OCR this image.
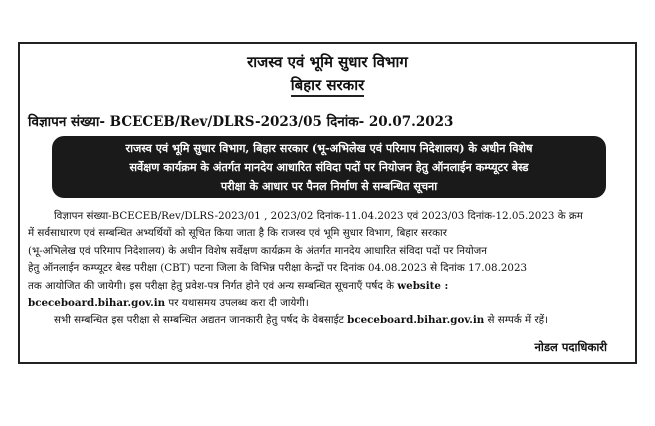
राजस्व एवं भूमि सुधार विभाग
बिहार सरकार
विज्ञापन संख्या- BCECEB/Rev/DLRS-2023/05 दिनांक- 20.07.2023
राजस्व एवं भूमि सुधार विभाग, बिहार सरकार (भू-अभिलेख एवं परिमाप निदेशालय) के अधीन विशेष
सर्वेक्षण कार्यक्रम के अंतर्गत मानदेय आधारित संविदा पदों पर नियोजन हेतु ऑनलाईन कम्प्यूटर बेस्ड
परीक्षा के आधार पर पैनल निर्माण से सम्बन्धित सूचना
विज्ञापन संख्या-BCECEB/Rev/DLRS-2023/01 , 2023/02 दिनांक-11.04.2023 एवं 2023/03 दिनांक-12.05.2023 के क्रम
में सर्वसाधारण एवं सम्बन्धित अभ्यर्थियों को सूचित किया जाता है कि राजस्व एवं भूमि सुधार विभाग, बिहार सरकार
(भू-अभिलेख एवं परिमाप निदेशालय) के अधीन विशेष सर्वेक्षण कार्यक्रम के अंतर्गत मानदेय आधारित संविदा पदों पर नियोजन
हेतु ऑनलाईन कम्प्यूटर बेस्ड परीक्षा (CBT) पटना जिला के विभिन्न परीक्षा केन्द्रों पर दिनांक 04.08.2023 से दिनांक 17.08.2023
तक आयोजित की जायेगी। इस परीक्षा हेतु प्रवेश-पत्र निर्गत होने एवं अन्य सम्बन्धित सूचनाएँ पर्षद के website :
bceceboard.bihar.gov.in पर यथासमय उपलब्ध करा दी जायेगी।
सभी सम्बन्धित इस परीक्षा से सम्बन्धित अद्यतन जानकारी हेतु पर्षद के वेबसाईट bceceboard.bihar.gov.in से सम्पर्क में रहें।
नोडल पदाधिकारी
